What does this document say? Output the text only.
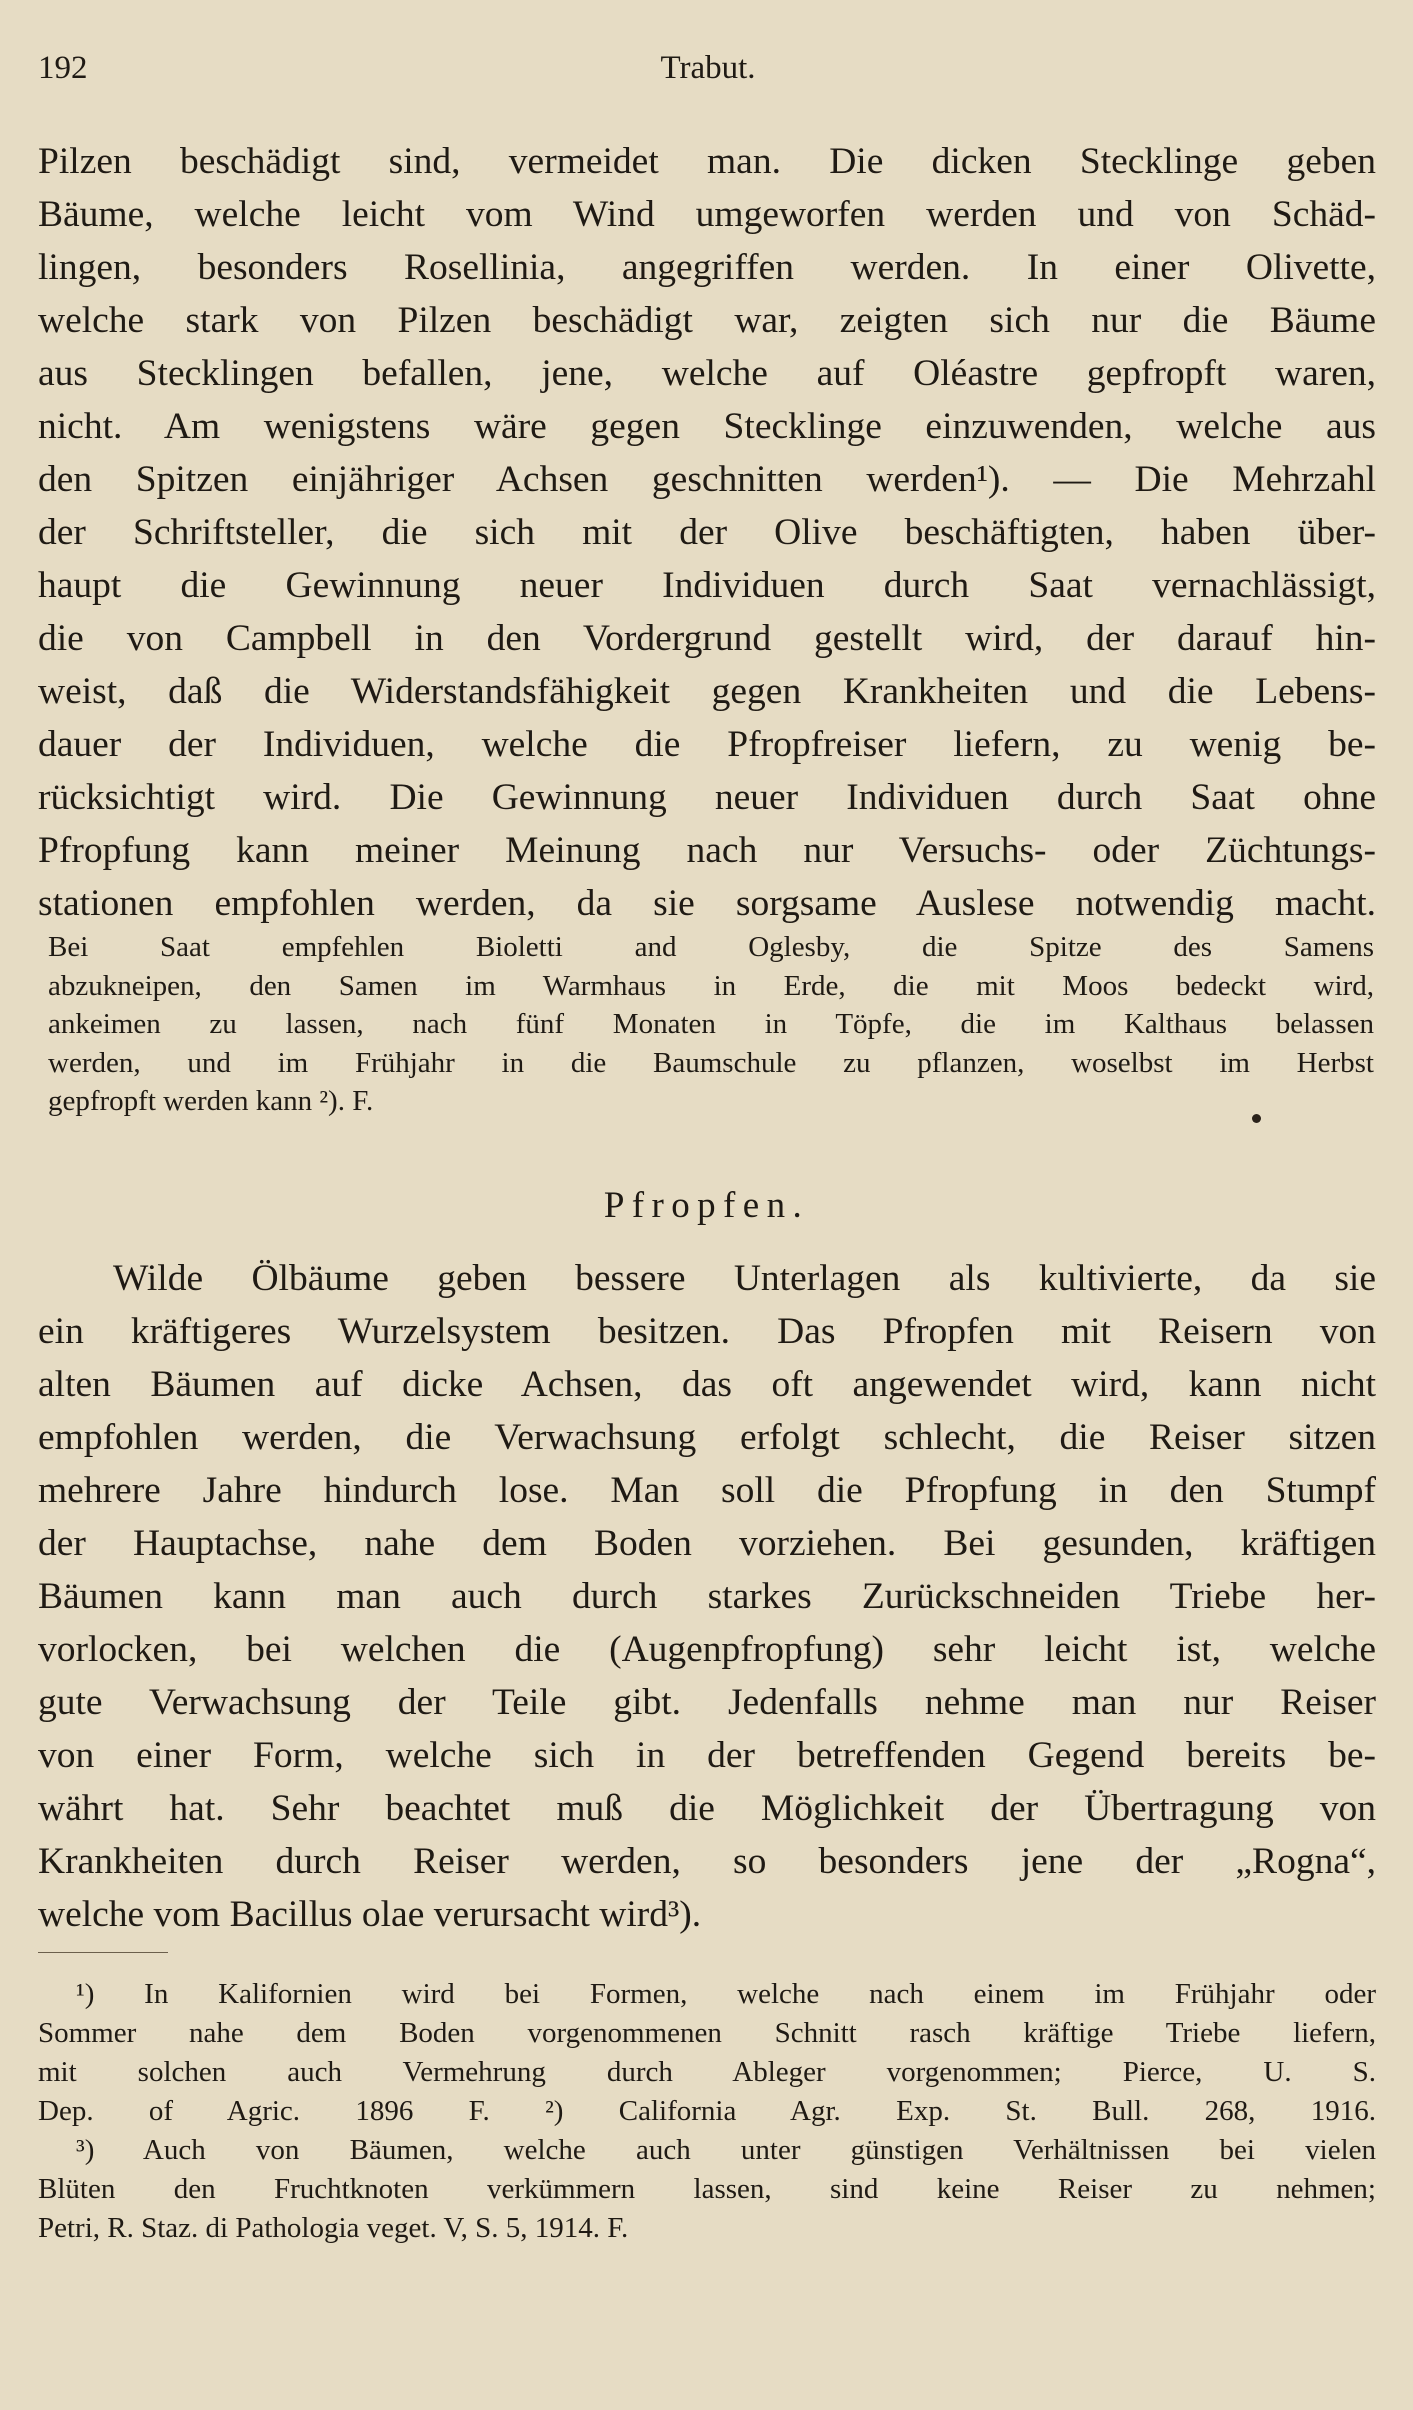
192	Trabut.
Pilzen beschädigt sind, vermeidet man. Die dicken Stecklinge geben
Bäume, welche leicht vom Wind umgeworfen werden und von Schäd-
lingen, besonders Rosellinia, angegriffen werden. In einer Olivette,
welche stark von Pilzen beschädigt war, zeigten sich nur die Bäume
aus Stecklingen befallen, jene, welche auf Oléastre gepfropft waren,
nicht. Am wenigstens wäre gegen Stecklinge einzuwenden, welche aus
den Spitzen einjähriger Achsen geschnitten werden¹). — Die Mehrzahl
der Schriftsteller, die sich mit der Olive beschäftigten, haben über-
haupt die Gewinnung neuer Individuen durch Saat vernachlässigt,
die von Campbell in den Vordergrund gestellt wird, der darauf hin-
weist, daß die Widerstandsfähigkeit gegen Krankheiten und die Lebens-
dauer der Individuen, welche die Pfropfreiser liefern, zu wenig be-
rücksichtigt wird. Die Gewinnung neuer Individuen durch Saat ohne
Pfropfung kann meiner Meinung nach nur Versuchs- oder Züchtungs-
stationen empfohlen werden, da sie sorgsame Auslese notwendig macht.
Bei Saat empfehlen Bioletti and Oglesby, die Spitze des Samens
abzukneipen, den Samen im Warmhaus in Erde, die mit Moos bedeckt wird,
ankeimen zu lassen, nach fünf Monaten in Töpfe, die im Kalthaus belassen
werden, und im Frühjahr in die Baumschule zu pflanzen, woselbst im Herbst
gepfropft werden kann ²). F.
Pfropfen.
Wilde Ölbäume geben bessere Unterlagen als kultivierte, da sie
ein kräftigeres Wurzelsystem besitzen. Das Pfropfen mit Reisern von
alten Bäumen auf dicke Achsen, das oft angewendet wird, kann nicht
empfohlen werden, die Verwachsung erfolgt schlecht, die Reiser sitzen
mehrere Jahre hindurch lose. Man soll die Pfropfung in den Stumpf
der Hauptachse, nahe dem Boden vorziehen. Bei gesunden, kräftigen
Bäumen kann man auch durch starkes Zurückschneiden Triebe her-
vorlocken, bei welchen die (Augenpfropfung) sehr leicht ist, welche
gute Verwachsung der Teile gibt. Jedenfalls nehme man nur Reiser
von einer Form, welche sich in der betreffenden Gegend bereits be-
währt hat. Sehr beachtet muß die Möglichkeit der Übertragung von
Krankheiten durch Reiser werden, so besonders jene der „Rogna“,
welche vom Bacillus olae verursacht wird³).
¹) In Kalifornien wird bei Formen, welche nach einem im Frühjahr oder
Sommer nahe dem Boden vorgenommenen Schnitt rasch kräftige Triebe liefern,
mit solchen auch Vermehrung durch Ableger vorgenommen; Pierce, U. S.
Dep. of Agric. 1896 F. ²) California Agr. Exp. St. Bull. 268, 1916.
³) Auch von Bäumen, welche auch unter günstigen Verhältnissen bei vielen
Blüten den Fruchtknoten verkümmern lassen, sind keine Reiser zu nehmen;
Petri, R. Staz. di Pathologia veget. V, S. 5, 1914. F.
